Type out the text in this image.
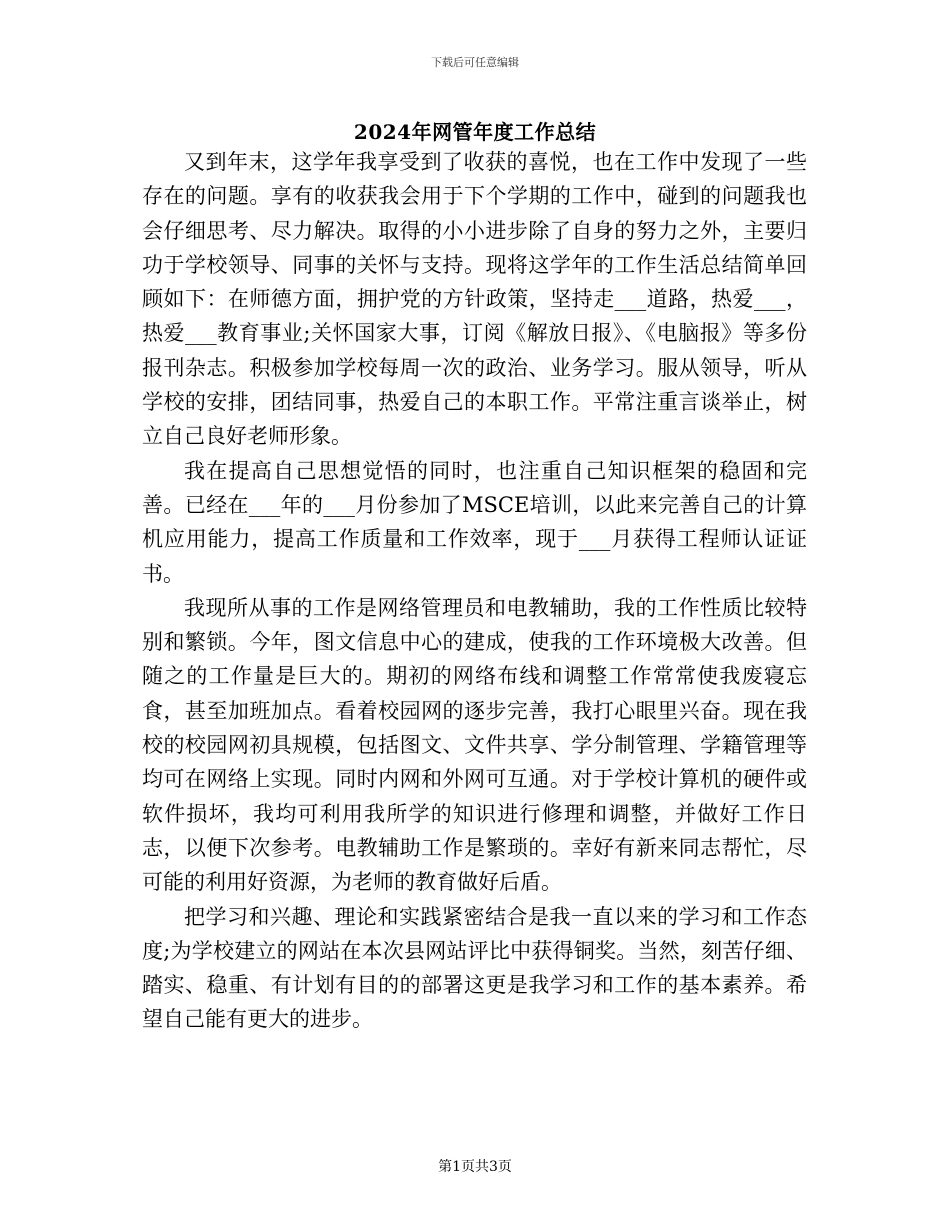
下载后可任意编辑
2024年网管年度工作总结

又到年末，这学年我享受到了收获的喜悦，也在工作中发现了一些存在的问题。享有的收获我会用于下个学期的工作中，碰到的问题我也会仔细思考、尽力解决。取得的小小进步除了自身的努力之外，主要归功于学校领导、同事的关怀与支持。现将这学年的工作生活总结简单回顾如下：在师德方面，拥护党的方针政策，坚持走___道路，热爱___，热爱___教育事业;关怀国家大事，订阅《解放日报》、《电脑报》等多份报刊杂志。积极参加学校每周一次的政治、业务学习。服从领导，听从学校的安排，团结同事，热爱自己的本职工作。平常注重言谈举止，树立自己良好老师形象。

我在提高自己思想觉悟的同时，也注重自己知识框架的稳固和完善。已经在___年的___月份参加了MSCE培训，以此来完善自己的计算机应用能力，提高工作质量和工作效率，现于___月获得工程师认证证书。

我现所从事的工作是网络管理员和电教辅助，我的工作性质比较特别和繁锁。今年，图文信息中心的建成，使我的工作环境极大改善。但随之的工作量是巨大的。期初的网络布线和调整工作常常使我废寝忘食，甚至加班加点。看着校园网的逐步完善，我打心眼里兴奋。现在我校的校园网初具规模，包括图文、文件共享、学分制管理、学籍管理等均可在网络上实现。同时内网和外网可互通。对于学校计算机的硬件或软件损坏，我均可利用我所学的知识进行修理和调整，并做好工作日志，以便下次参考。电教辅助工作是繁琐的。幸好有新来同志帮忙，尽可能的利用好资源，为老师的教育做好后盾。

把学习和兴趣、理论和实践紧密结合是我一直以来的学习和工作态度;为学校建立的网站在本次县网站评比中获得铜奖。当然，刻苦仔细、踏实、稳重、有计划有目的的部署这更是我学习和工作的基本素养。希望自己能有更大的进步。

第1页共3页
